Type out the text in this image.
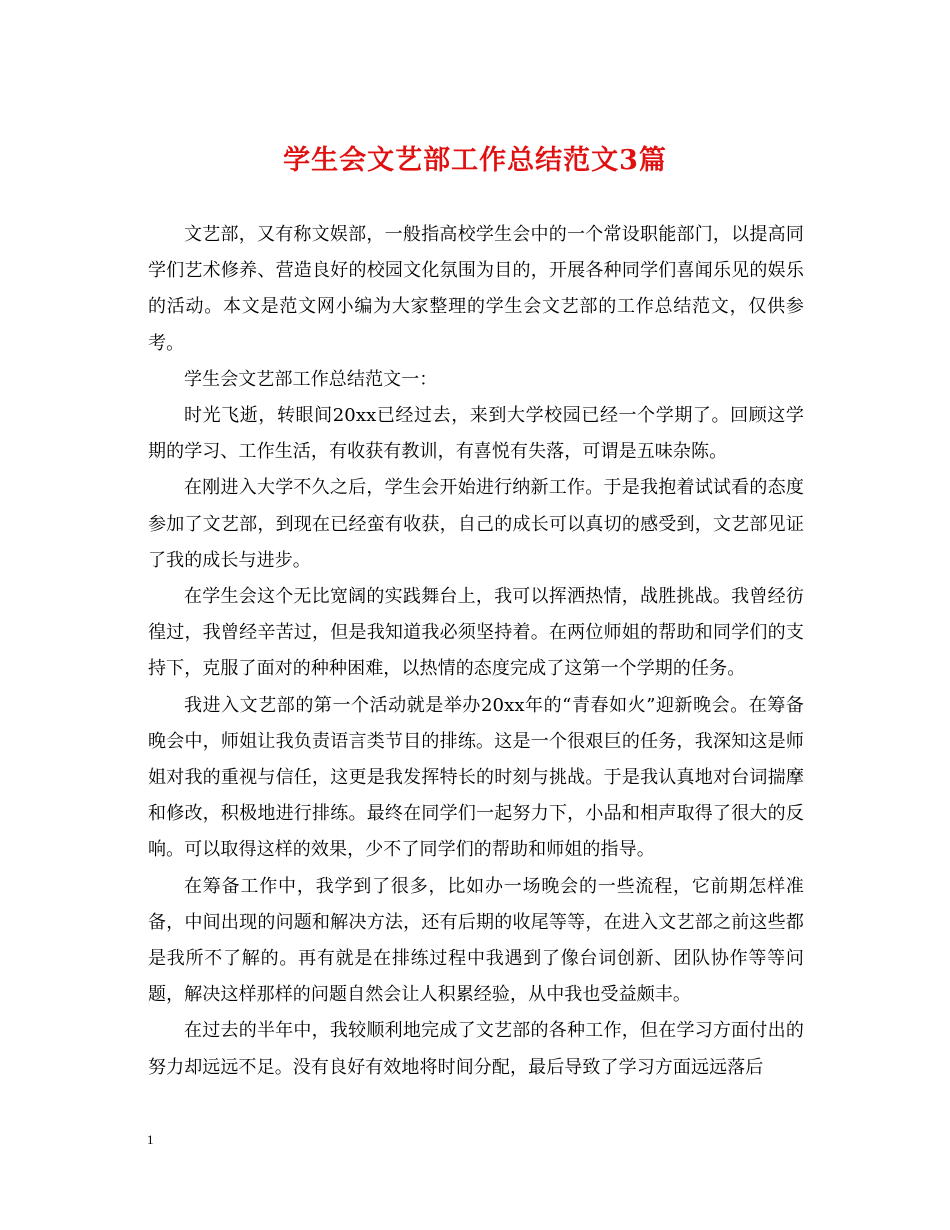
学生会文艺部工作总结范文3篇

文艺部，又有称文娱部，一般指高校学生会中的一个常设职能部门，以提高同学们艺术修养、营造良好的校园文化氛围为目的，开展各种同学们喜闻乐见的娱乐的活动。本文是范文网小编为大家整理的学生会文艺部的工作总结范文，仅供参考。

学生会文艺部工作总结范文一：

时光飞逝，转眼间20xx已经过去，来到大学校园已经一个学期了。回顾这学期的学习、工作生活，有收获有教训，有喜悦有失落，可谓是五味杂陈。

在刚进入大学不久之后，学生会开始进行纳新工作。于是我抱着试试看的态度参加了文艺部，到现在已经蛮有收获，自己的成长可以真切的感受到，文艺部见证了我的成长与进步。

在学生会这个无比宽阔的实践舞台上，我可以挥洒热情，战胜挑战。我曾经彷徨过，我曾经辛苦过，但是我知道我必须坚持着。在两位师姐的帮助和同学们的支持下，克服了面对的种种困难，以热情的态度完成了这第一个学期的任务。

我进入文艺部的第一个活动就是举办20xx年的“青春如火”迎新晚会。在筹备晚会中，师姐让我负责语言类节目的排练。这是一个很艰巨的任务，我深知这是师姐对我的重视与信任，这更是我发挥特长的时刻与挑战。于是我认真地对台词揣摩和修改，积极地进行排练。最终在同学们一起努力下，小品和相声取得了很大的反响。可以取得这样的效果，少不了同学们的帮助和师姐的指导。

在筹备工作中，我学到了很多，比如办一场晚会的一些流程，它前期怎样准备，中间出现的问题和解决方法，还有后期的收尾等等，在进入文艺部之前这些都是我所不了解的。再有就是在排练过程中我遇到了像台词创新、团队协作等等问题，解决这样那样的问题自然会让人积累经验，从中我也受益颇丰。

在过去的半年中，我较顺利地完成了文艺部的各种工作，但在学习方面付出的努力却远远不足。没有良好有效地将时间分配，最后导致了学习方面远远落后

1
